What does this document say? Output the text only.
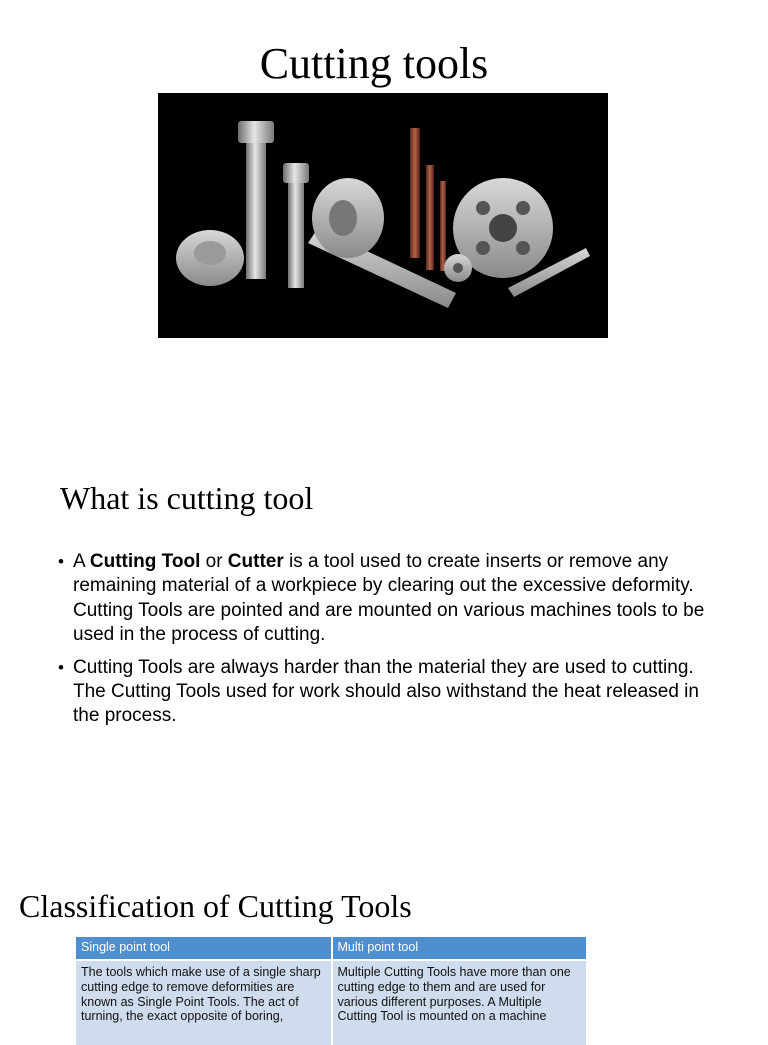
Cutting tools
What is cutting tool
• A Cutting Tool or Cutter is a tool used to create inserts or remove any remaining material of a workpiece by clearing out the excessive deformity. Cutting Tools are pointed and are mounted on various machines tools to be used in the process of cutting.
• Cutting Tools are always harder than the material they are used to cutting. The Cutting Tools used for work should also withstand the heat released in the process.
Classification of Cutting Tools
Single point tool	Multi point tool
The tools which make use of a single sharp cutting edge to remove deformities are known as Single Point Tools. The act of turning, the exact opposite of boring,	Multiple Cutting Tools have more than one cutting edge to them and are used for various different purposes. A Multiple Cutting Tool is mounted on a machine
